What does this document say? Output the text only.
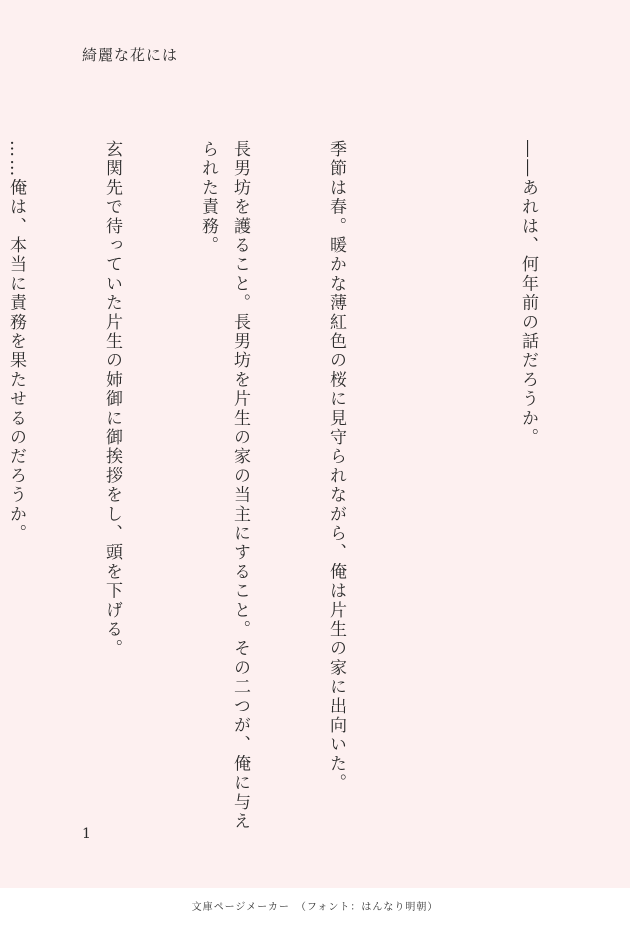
綺麗な花には

――あれは、何年前の話だろうか。

季節は春。暖かな薄紅色の桜に見守られながら、俺は片生の家に出向いた。

長男坊を護ること。長男坊を片生の家の当主にすること。その二つが、俺に与えられた責務。

玄関先で待っていた片生の姉御に御挨拶をし、頭を下げる。

……俺は、本当に責務を果たせるのだろうか。

1
文庫ページメーカー　（フォント：はんなり明朝）
